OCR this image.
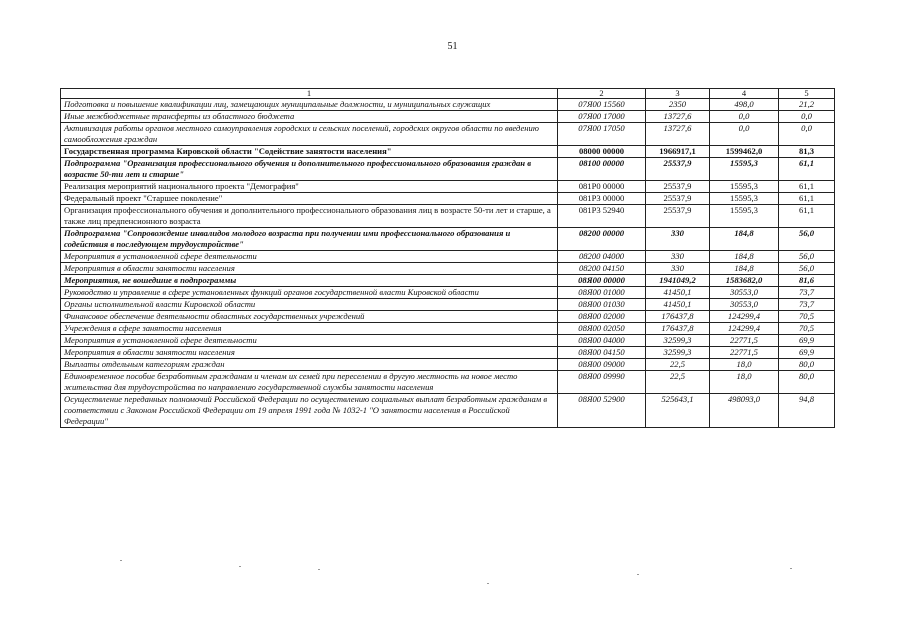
51
1	2	3	4	5
Подготовка и повышение квалификации лиц, замещающих муниципальные должности, и муниципальных служащих	07Я00 15560	2350	498,0	21,2
Иные межбюджетные трансферты из областного бюджета	07Я00 17000	13727,6	0,0	0,0
Активизация работы органов местного самоуправления городских и сельских поселений, городских округов области по введению самообложения граждан	07Я00 17050	13727,6	0,0	0,0
Государственная программа Кировской области "Содействие занятости населения"	08000 00000	1966917,1	1599462,0	81,3
Подпрограмма "Организация профессионального обучения и дополнительного профессионального образования граждан в возрасте 50-ти лет и старше"	08100 00000	25537,9	15595,3	61,1
Реализация мероприятий национального проекта "Демография"	081P0 00000	25537,9	15595,3	61,1
Федеральный проект "Старшее поколение"	081P3 00000	25537,9	15595,3	61,1
Организация профессионального обучения и дополнительного профессионального образования лиц в возрасте 50-ти лет и старше, а также лиц предпенсионного возраста	081P3 52940	25537,9	15595,3	61,1
Подпрограмма "Сопровождение инвалидов молодого возраста при получении ими профессионального образования и содействия в последующем трудоустройстве"	08200 00000	330	184,8	56,0
Мероприятия в установленной сфере деятельности	08200 04000	330	184,8	56,0
Мероприятия в области занятости населения	08200 04150	330	184,8	56,0
Мероприятия, не вошедшие в подпрограммы	08Я00 00000	1941049,2	1583682,0	81,6
Руководство и управление в сфере установленных функций органов государственной власти Кировской области	08Я00 01000	41450,1	30553,0	73,7
Органы исполнительной власти Кировской области	08Я00 01030	41450,1	30553,0	73,7
Финансовое обеспечение деятельности областных государственных учреждений	08Я00 02000	176437,8	124299,4	70,5
Учреждения в сфере занятости населения	08Я00 02050	176437,8	124299,4	70,5
Мероприятия в установленной сфере деятельности	08Я00 04000	32599,3	22771,5	69,9
Мероприятия в области занятости населения	08Я00 04150	32599,3	22771,5	69,9
Выплаты отдельным категориям граждан	08Я00 09000	22,5	18,0	80,0
Единовременное пособие безработным гражданам и членам их семей при переселении в другую местность на новое место жительства для трудоустройства по направлению государственной службы занятости населения	08Я00 09990	22,5	18,0	80,0
Осуществление переданных полномочий Российской Федерации по осуществлению социальных выплат безработным гражданам в соответствии с Законом Российской Федерации от 19 апреля 1991 года № 1032-1 "О занятости населения в Российской Федерации"	08Я00 52900	525643,1	498093,0	94,8
